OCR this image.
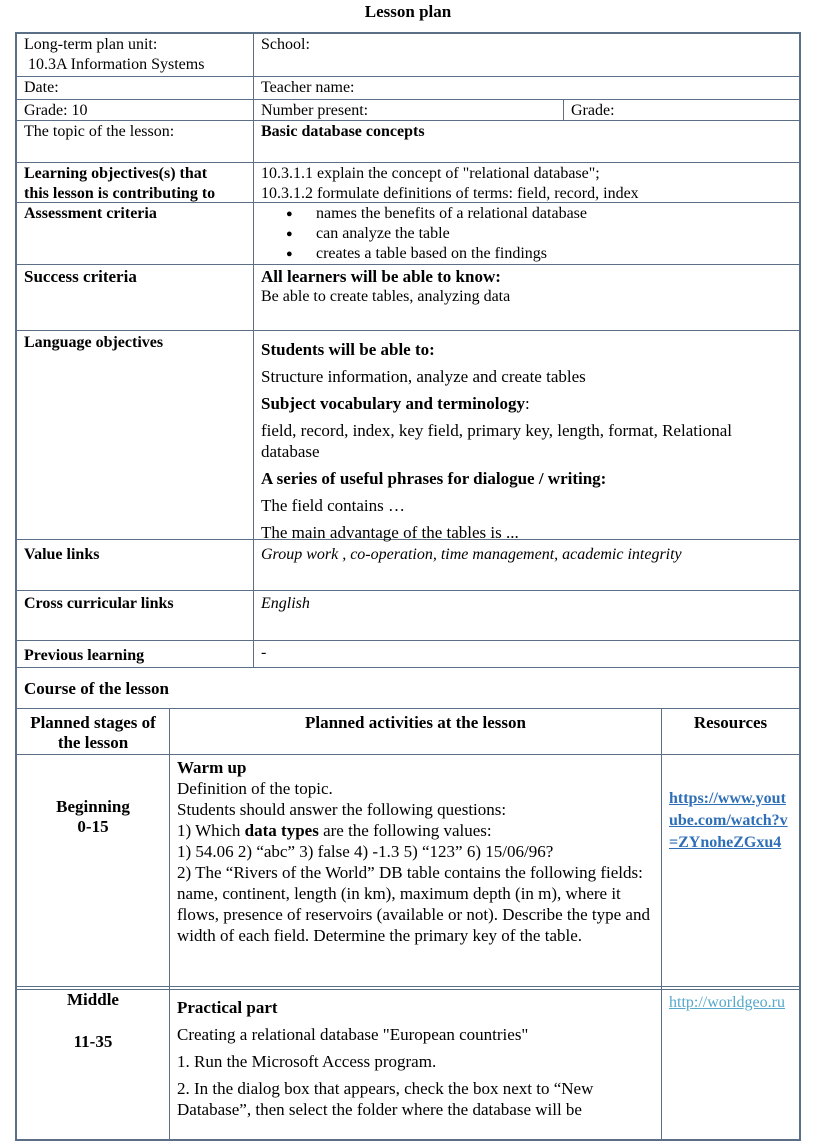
Lesson plan
Long-term plan unit:
10.3A Information Systems
School:
Date:	Teacher name:
Grade: 10	Number present:	Grade:
The topic of the lesson:	Basic database concepts
Learning objectives(s) that
this lesson is contributing to
10.3.1.1 explain the concept of "relational database";
10.3.1.2 formulate definitions of terms: field, record, index
Assessment criteria
●	names the benefits of a relational database
● can analyze the table
● creates a table based on the findings
Success criteria	All learners will be able to know:
Be able to create tables, analyzing data
Language objectives	Students will be able to:
Structure information, analyze and create tables
Subject vocabulary and terminology:
field, record, index, key field, primary key, length, format, Relational database
A series of useful phrases for dialogue / writing:
The field contains …
The main advantage of the tables is ...
Value links	Group work , co-operation, time management, academic integrity
Cross curricular links	English
Previous learning	-
Course of the lesson
Planned stages of the lesson
Planned activities at the lesson	Resources
Beginning
0-15
Warm up
Definition of the topic.
Students should answer the following questions:
1) Which data types are the following values:
1) 54.06 2) “abc” 3) false 4) -1.3 5) “123” 6) 15/06/96?
2) The “Rivers of the World” DB table contains the following fields: name, continent, length (in km), maximum depth (in m), where it flows, presence of reservoirs (available or not). Describe the type and width of each field. Determine the primary key of the table.
https://www.youtube.com/watch?v=ZYnoheZGxu4
Middle
11-35
Practical part
Creating a relational database "European countries"
1. Run the Microsoft Access program.
2. In the dialog box that appears, check the box next to “New Database”, then select the folder where the database will be
http://worldgeo.ru
